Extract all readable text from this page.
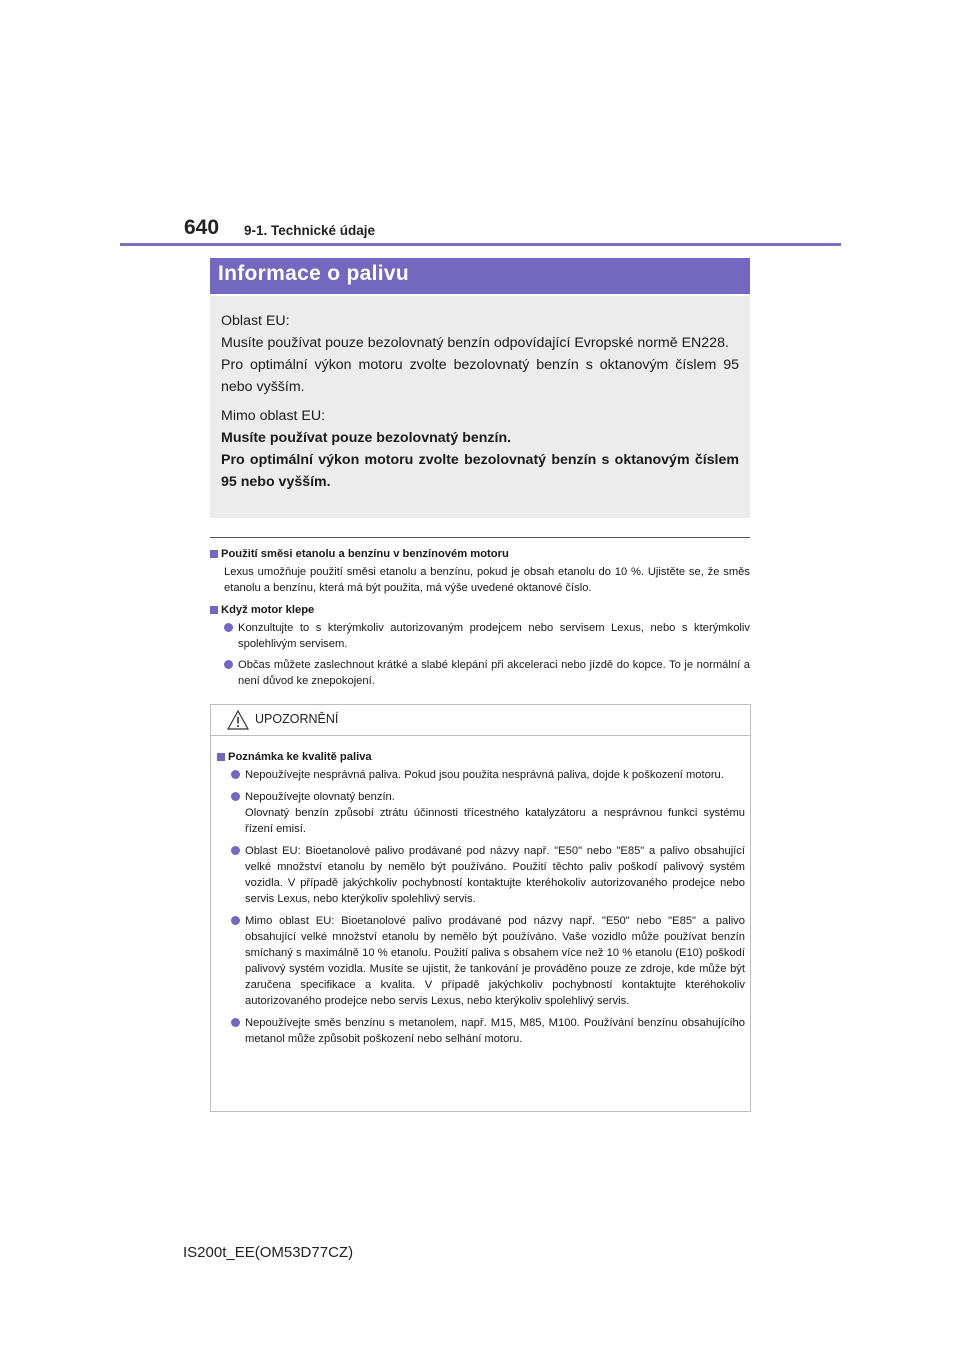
640 9-1. Technické údaje
Informace o palivu

Oblast EU:

Musíte používat pouze bezolovnatý benzín odpovídající Evropské normě EN228.

Pro optimální výkon motoru zvolte bezolovnatý benzín s oktanovým číslem 95 nebo vyšším.

Mimo oblast EU:

Musíte používat pouze bezolovnatý benzín.

Pro optimální výkon motoru zvolte bezolovnatý benzín s oktanovým číslem 95 nebo vyšším.

Použití směsi etanolu a benzínu v benzínovém motoru

Lexus umožňuje použití směsi etanolu a benzínu, pokud je obsah etanolu do 10 %. Ujistěte se, že směs etanolu a benzínu, která má být použita, má výše uvedené oktanové číslo.

Když motor klepe

Konzultujte to s kterýmkoliv autorizovaným prodejcem nebo servisem Lexus, nebo s kterýmkoliv spolehlivým servisem.
Občas můžete zaslechnout krátké a slabé klepání při akceleraci nebo jízdě do kopce. To je normální a není důvod ke znepokojení.
UPOZORNĚNÍ

Poznámka ke kvalitě paliva

Nepoužívejte nesprávná paliva. Pokud jsou použita nesprávná paliva, dojde k poškození motoru.
Nepoužívejte olovnatý benzín.
Olovnatý benzín způsobí ztrátu účinnosti třícestného katalyzátoru a nesprávnou funkci systému řízení emisí.
Oblast EU: Bioetanolové palivo prodávané pod názvy např. "E50" nebo "E85" a palivo obsahující velké množství etanolu by nemělo být používáno. Použití těchto paliv poškodí palivový systém vozidla. V případě jakýchkoliv pochybností kontaktujte kteréhokoliv autorizovaného prodejce nebo servis Lexus, nebo kterýkoliv spolehlivý servis.
Mimo oblast EU: Bioetanolové palivo prodávané pod názvy např. "E50" nebo "E85" a palivo obsahující velké množství etanolu by nemělo být používáno. Vaše vozidlo může používat benzín smíchaný s maximálně 10 % etanolu. Použití paliva s obsahem více než 10 % etanolu (E10) poškodí palivový systém vozidla. Musíte se ujistit, že tankování je prováděno pouze ze zdroje, kde může být zaručena specifikace a kvalita. V případě jakýchkoliv pochybností kontaktujte kteréhokoliv autorizovaného prodejce nebo servis Lexus, nebo kterýkoliv spolehlivý servis.
Nepoužívejte směs benzínu s metanolem, např. M15, M85, M100. Používání benzínu obsahujícího metanol může způsobit poškození nebo selhání motoru.
IS200t_EE(OM53D77CZ)
